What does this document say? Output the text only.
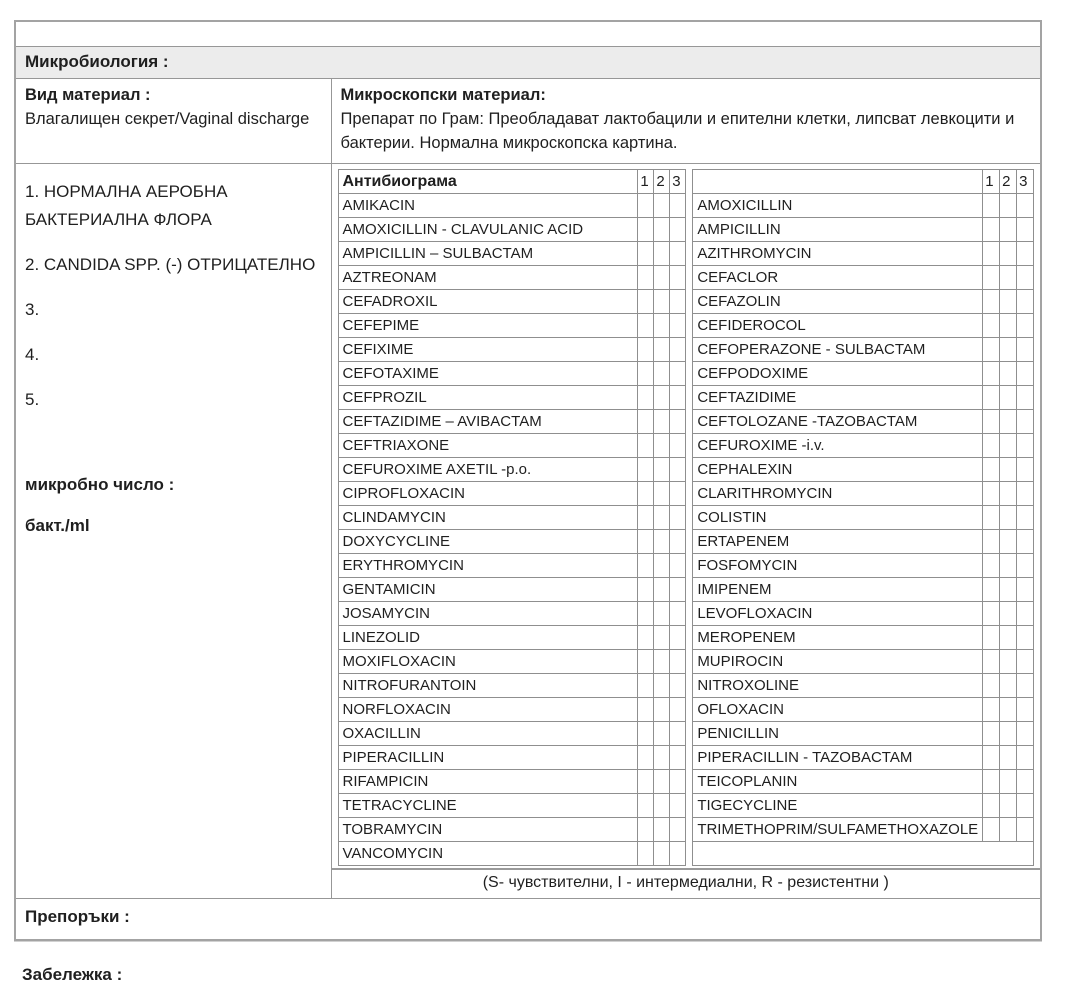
Микробиология :

Вид материал :
Влагалищен секрет/Vaginal discharge

Микроскопски материал:
Препарат по Грам: Преобладават лактобацили и епителни клетки, липсват левкоцити и бактерии. Нормална микроскопска картина.

1. НОРМАЛНА АЕРОБНА БАКТЕРИАЛНА ФЛОРА
2. CANDIDA SPP. (-) ОТРИЦАТЕЛНО
3.
4.
5.
микробно число :
бакт./ml

Антибиограма	1	2	3
AMIKACIN			
AMOXICILLIN - CLAVULANIC ACID			
AMPICILLIN – SULBACTAM			
AZTREONAM			
CEFADROXIL			
CEFEPIME			
CEFIXIME			
CEFOTAXIME			
CEFPROZIL			
CEFTAZIDIME – AVIBACTAM			
CEFTRIAXONE			
CEFUROXIME AXETIL -p.o.			
CIPROFLOXACIN			
CLINDAMYCIN			
DOXYCYCLINE			
ERYTHROMYCIN			
GENTAMICIN			
JOSAMYCIN			
LINEZOLID			
MOXIFLOXACIN			
NITROFURANTOIN			
NORFLOXACIN			
OXACILLIN			
PIPERACILLIN			
RIFAMPICIN			
TETRACYCLINE			
TOBRAMYCIN			
VANCOMYCIN			
	1	2	3
AMOXICILLIN			
AMPICILLIN			
AZITHROMYCIN			
CEFACLOR			
CEFAZOLIN			
CEFIDEROCOL			
CEFOPERAZONE - SULBACTAM			
CEFPODOXIME			
CEFTAZIDIME			
CEFTOLOZANE -TAZOBACTAM			
CEFUROXIME -i.v.			
CEPHALEXIN			
CLARITHROMYCIN			
COLISTIN			
ERTAPENEM			
FOSFOMYCIN			
IMIPENEM			
LEVOFLOXACIN			
MEROPENEM			
MUPIROCIN			
NITROXOLINE			
OFLOXACIN			
PENICILLIN			
PIPERACILLIN - TAZOBACTAM			
TEICOPLANIN			
TIGECYCLINE			
TRIMETHOPRIM/SULFAMETHOXAZOLE			

(S- чувствителни, I - интермедиални, R - резистентни )

Препоръки :
Забележка :
